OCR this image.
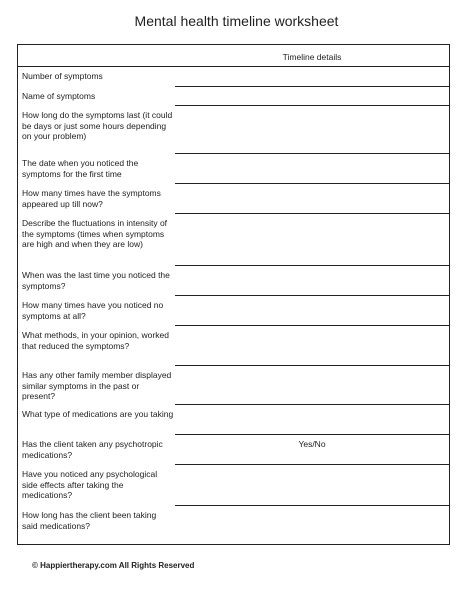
Mental health timeline worksheet
Timeline details
Number of symptoms
Name of symptoms
How long do the symptoms last (it could be days or just some hours depending on your problem)
The date when you noticed the symptoms for the first time
How many times have the symptoms appeared up till now?
Describe the fluctuations in intensity of the symptoms (times when symptoms are high and when they are low)
When was the last time you noticed the symptoms?
How many times have you noticed no symptoms at all?
What methods, in your opinion, worked that reduced the symptoms?
Has any other family member displayed similar symptoms in the past or present?
What type of medications are you taking
Has the client taken any psychotropic medications?
Yes/No
Have you noticed any psychological side effects after taking the medications?
How long has the client been taking said medications?
© Happiertherapy.com All Rights Reserved
